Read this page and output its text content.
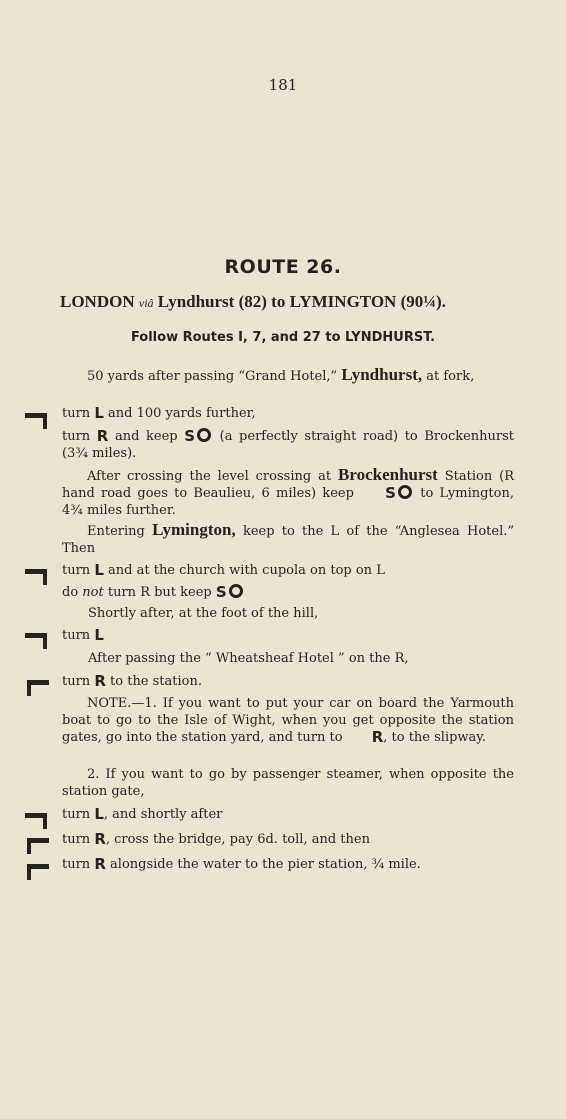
181
ROUTE 26.
LONDON viâ Lyndhurst (82) to LYMINGTON (90¼).
Follow Routes I, 7, and 27 to LYNDHURST.
50 yards after passing “Grand Hotel,” Lyndhurst, at fork,
turn L and 100 yards further,
turn R and keep S (a perfectly straight road) to Brockenhurst (3¾ miles).
After crossing the level crossing at Brockenhurst Station (R hand road goes to Beaulieu, 6 miles) keep S to Lymington, 4¾ miles further.
Entering Lymington, keep to the L of the “Anglesea Hotel.” Then
turn L and at the church with cupola on top on L
do not turn R but keep S
Shortly after, at the foot of the hill,
turn L
After passing the “ Wheatsheaf Hotel ” on the R,
turn R to the station.
NOTE.—1. If you want to put your car on board the Yarmouth boat to go to the Isle of Wight, when you get opposite the station gates, go into the station yard, and turn to R, to the slipway.
2. If you want to go by passenger steamer, when opposite the station gate,
turn L, and shortly after
turn R, cross the bridge, pay 6d. toll, and then
turn R alongside the water to the pier station, ¾ mile.
